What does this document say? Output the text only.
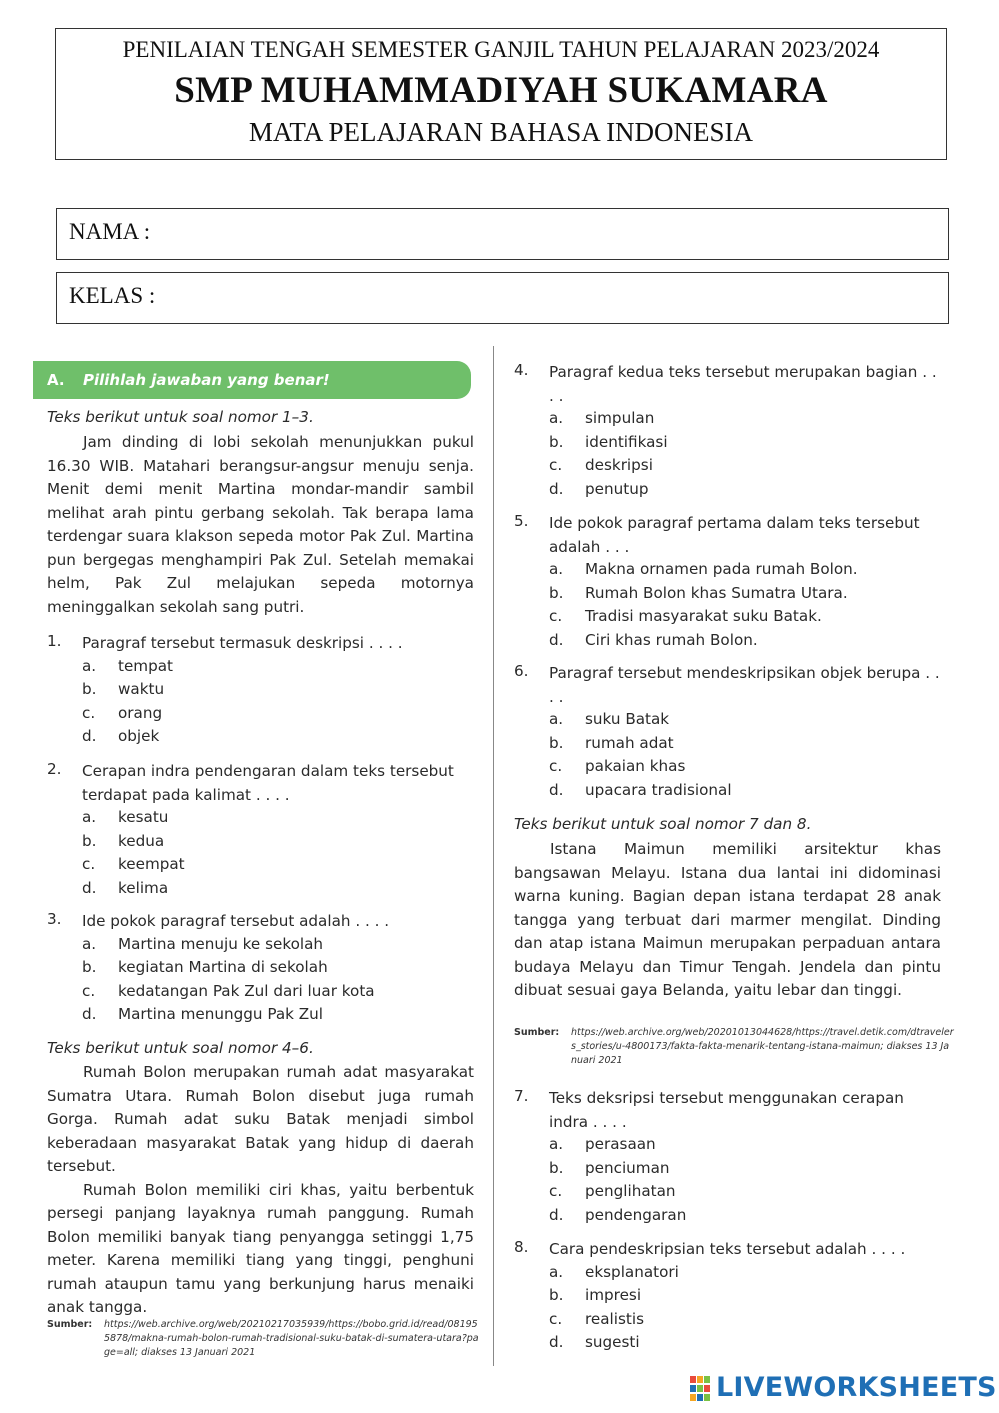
PENILAIAN TENGAH SEMESTER GANJIL TAHUN PELAJARAN 2023/2024
SMP MUHAMMADIYAH SUKAMARA
MATA PELAJARAN BAHASA INDONESIA
NAMA :
KELAS :
A. Pilihlah jawaban yang benar!
Teks berikut untuk soal nomor 1–3.

Jam dinding di lobi sekolah menunjukkan pukul 16.30 WIB. Matahari berangsur-angsur menuju senja. Menit demi menit Martina mondar-mandir sambil melihat arah pintu gerbang sekolah. Tak berapa lama terdengar suara klakson sepeda motor Pak Zul. Martina pun bergegas menghampiri Pak Zul. Setelah memakai helm, Pak Zul melajukan sepeda motornya meninggalkan sekolah sang putri.

1. Paragraf tersebut termasuk deskripsi . . . .
a. tempat
b. waktu
c. orang
d. objek
2. Cerapan indra pendengaran dalam teks tersebut terdapat pada kalimat . . . .
a. kesatu
b. kedua
c. keempat
d. kelima
3. Ide pokok paragraf tersebut adalah . . . .
a. Martina menuju ke sekolah
b. kegiatan Martina di sekolah
c. kedatangan Pak Zul dari luar kota
d. Martina menunggu Pak Zul
Teks berikut untuk soal nomor 4–6.

Rumah Bolon merupakan rumah adat masyarakat Sumatra Utara. Rumah Bolon disebut juga rumah Gorga. Rumah adat suku Batak menjadi simbol keberadaan masyarakat Batak yang hidup di daerah tersebut.

Rumah Bolon memiliki ciri khas, yaitu berbentuk persegi panjang layaknya rumah panggung. Rumah Bolon memiliki banyak tiang penyangga setinggi 1,75 meter. Karena memiliki tiang yang tinggi, penghuni rumah ataupun tamu yang berkunjung harus menaiki anak tangga.

Sumber: https://web.archive.org/web/20210217035939/https://bobo.grid.id/read/081955878/makna-rumah-bolon-rumah-tradisional-suku-batak-di-sumatera-utara?page=all; diakses 13 Januari 2021
4. Paragraf kedua teks tersebut merupakan bagian . . . .
a. simpulan
b. identifikasi
c. deskripsi
d. penutup
5. Ide pokok paragraf pertama dalam teks tersebut adalah . . .
a. Makna ornamen pada rumah Bolon.
b. Rumah Bolon khas Sumatra Utara.
c. Tradisi masyarakat suku Batak.
d. Ciri khas rumah Bolon.
6. Paragraf tersebut mendeskripsikan objek berupa . . . .
a. suku Batak
b. rumah adat
c. pakaian khas
d. upacara tradisional
7. Teks deksripsi tersebut menggunakan cerapan indra . . . .
a. perasaan
b. penciuman
c. penglihatan
d. pendengaran
8. Cara pendeskripsian teks tersebut adalah . . . .
a. eksplanatori
b. impresi
c. realistis
d. sugesti
Teks berikut untuk soal nomor 7 dan 8.

Istana Maimun memiliki arsitektur khas bangsawan Melayu. Istana dua lantai ini didominasi warna kuning. Bagian depan istana terdapat 28 anak tangga yang terbuat dari marmer mengilat. Dinding dan atap istana Maimun merupakan perpaduan antara budaya Melayu dan Timur Tengah. Jendela dan pintu dibuat sesuai gaya Belanda, yaitu lebar dan tinggi.

Sumber: https://web.archive.org/web/20201013044628/https://travel.detik.com/dtravelers_stories/u-4800173/fakta-fakta-menarik-tentang-istana-maimun; diakses 13 Januari 2021
LIVEWORKSHEETS
